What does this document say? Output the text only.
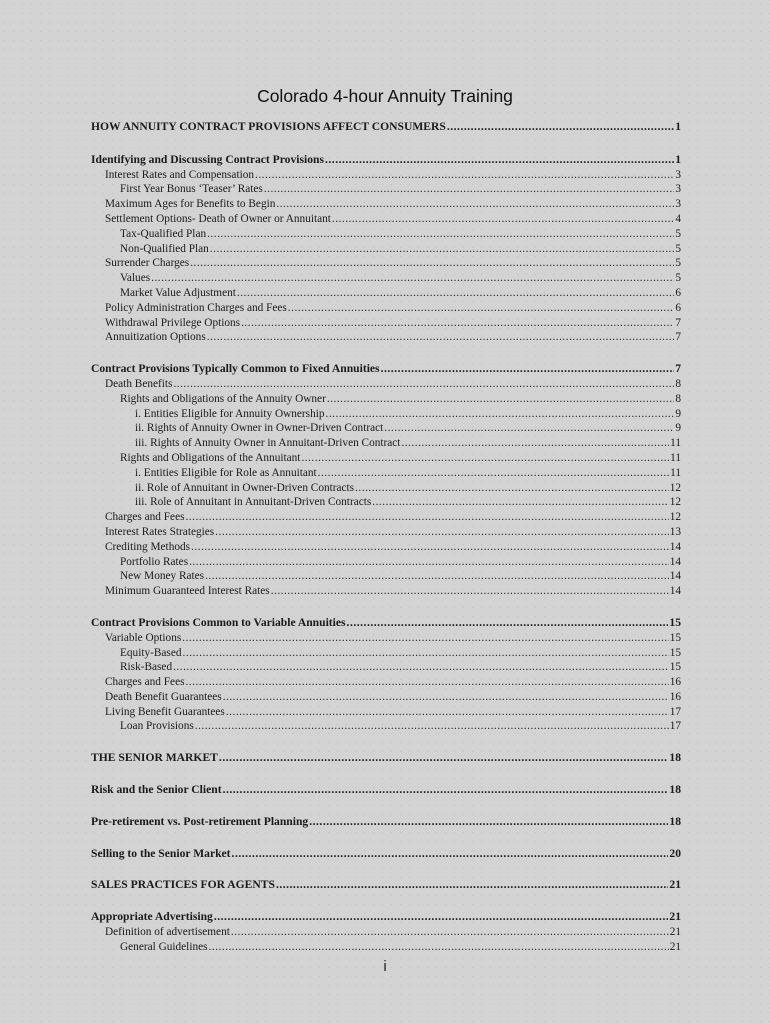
Colorado 4-hour Annuity Training
HOW ANNUITY CONTRACT PROVISIONS AFFECT CONSUMERS .....	1
Identifying and Discussing Contract Provisions .....	1
Interest Rates and Compensation .....	3
First Year Bonus ‘Teaser’ Rates .....	3
Maximum Ages for Benefits to Begin .....	3
Settlement Options- Death of Owner or Annuitant .....	4
Tax-Qualified Plan .....	5
Non-Qualified Plan .....	5
Surrender Charges .....	5
Values .....	5
Market Value Adjustment .....	6
Policy Administration Charges and Fees .....	6
Withdrawal Privilege Options .....	7
Annuitization Options .....	7
Contract Provisions Typically Common to Fixed Annuities .....	7
Death Benefits .....	8
Rights and Obligations of the Annuity Owner .....	8
i. Entities Eligible for Annuity Ownership .....	9
ii. Rights of Annuity Owner in Owner-Driven Contract .....	9
iii. Rights of Annuity Owner in Annuitant-Driven Contract .....	11
Rights and Obligations of the Annuitant .....	11
i. Entities Eligible for Role as Annuitant .....	11
ii. Role of Annuitant in Owner-Driven Contracts .....	12
iii. Role of Annuitant in Annuitant-Driven Contracts .....	12
Charges and Fees .....	12
Interest Rates Strategies .....	13
Crediting Methods .....	14
Portfolio Rates .....	14
New Money Rates .....	14
Minimum Guaranteed Interest Rates .....	14
Contract Provisions Common to Variable Annuities .....	15
Variable Options .....	15
Equity-Based .....	15
Risk-Based .....	15
Charges and Fees .....	16
Death Benefit Guarantees .....	16
Living Benefit Guarantees .....	17
Loan Provisions .....	17
THE SENIOR MARKET .....	18
Risk and the Senior Client .....	18
Pre-retirement vs. Post-retirement Planning .....	18
Selling to the Senior Market .....	20
SALES PRACTICES FOR AGENTS .....	21
Appropriate Advertising .....	21
Definition of advertisement .....	21
General Guidelines .....	21
i
